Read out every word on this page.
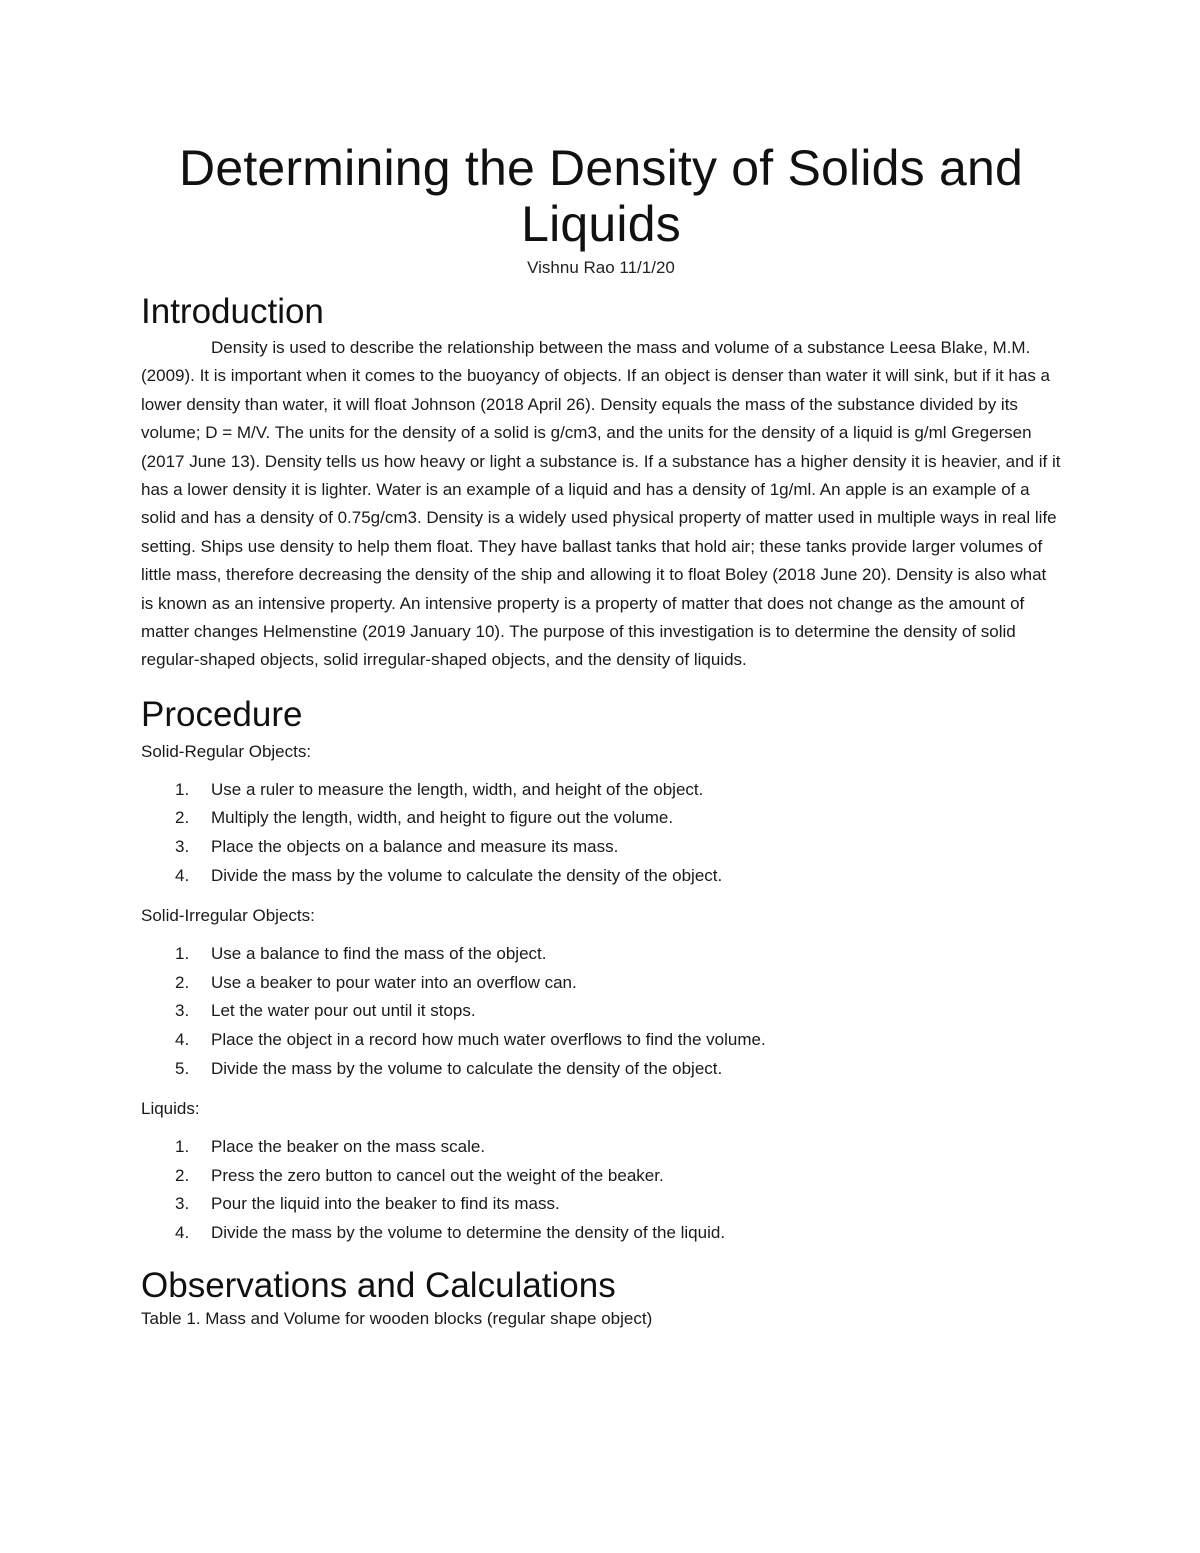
Determining the Density of Solids and
Liquids
Vishnu Rao 11/1/20
Introduction

Density is used to describe the relationship between the mass and volume of a substance Leesa Blake, M.M. (2009). It is important when it comes to the buoyancy of objects. If an object is denser than water it will sink, but if it has a lower density than water, it will float Johnson (2018 April 26). Density equals the mass of the substance divided by its volume; D = M/V. The units for the density of a solid is g/cm3, and the units for the density of a liquid is g/ml Gregersen (2017 June 13). Density tells us how heavy or light a substance is. If a substance has a higher density it is heavier, and if it has a lower density it is lighter. Water is an example of a liquid and has a density of 1g/ml. An apple is an example of a solid and has a density of 0.75g/cm3. Density is a widely used physical property of matter used in multiple ways in real life setting. Ships use density to help them float. They have ballast tanks that hold air; these tanks provide larger volumes of little mass, therefore decreasing the density of the ship and allowing it to float Boley (2018 June 20). Density is also what is known as an intensive property. An intensive property is a property of matter that does not change as the amount of matter changes Helmenstine (2019 January 10). The purpose of this investigation is to determine the density of solid regular-shaped objects, solid irregular-shaped objects, and the density of liquids.

Procedure

Solid-Regular Objects:

1. Use a ruler to measure the length, width, and height of the object.
2. Multiply the length, width, and height to figure out the volume.
3. Place the objects on a balance and measure its mass.
4. Divide the mass by the volume to calculate the density of the object.

Solid-Irregular Objects:

1. Use a balance to find the mass of the object.
2. Use a beaker to pour water into an overflow can.
3. Let the water pour out until it stops.
4. Place the object in a record how much water overflows to find the volume.
5. Divide the mass by the volume to calculate the density of the object.

Liquids:

1. Place the beaker on the mass scale.
2. Press the zero button to cancel out the weight of the beaker.
3. Pour the liquid into the beaker to find its mass.
4. Divide the mass by the volume to determine the density of the liquid.
Observations and Calculations

Table 1. Mass and Volume for wooden blocks (regular shape object)
